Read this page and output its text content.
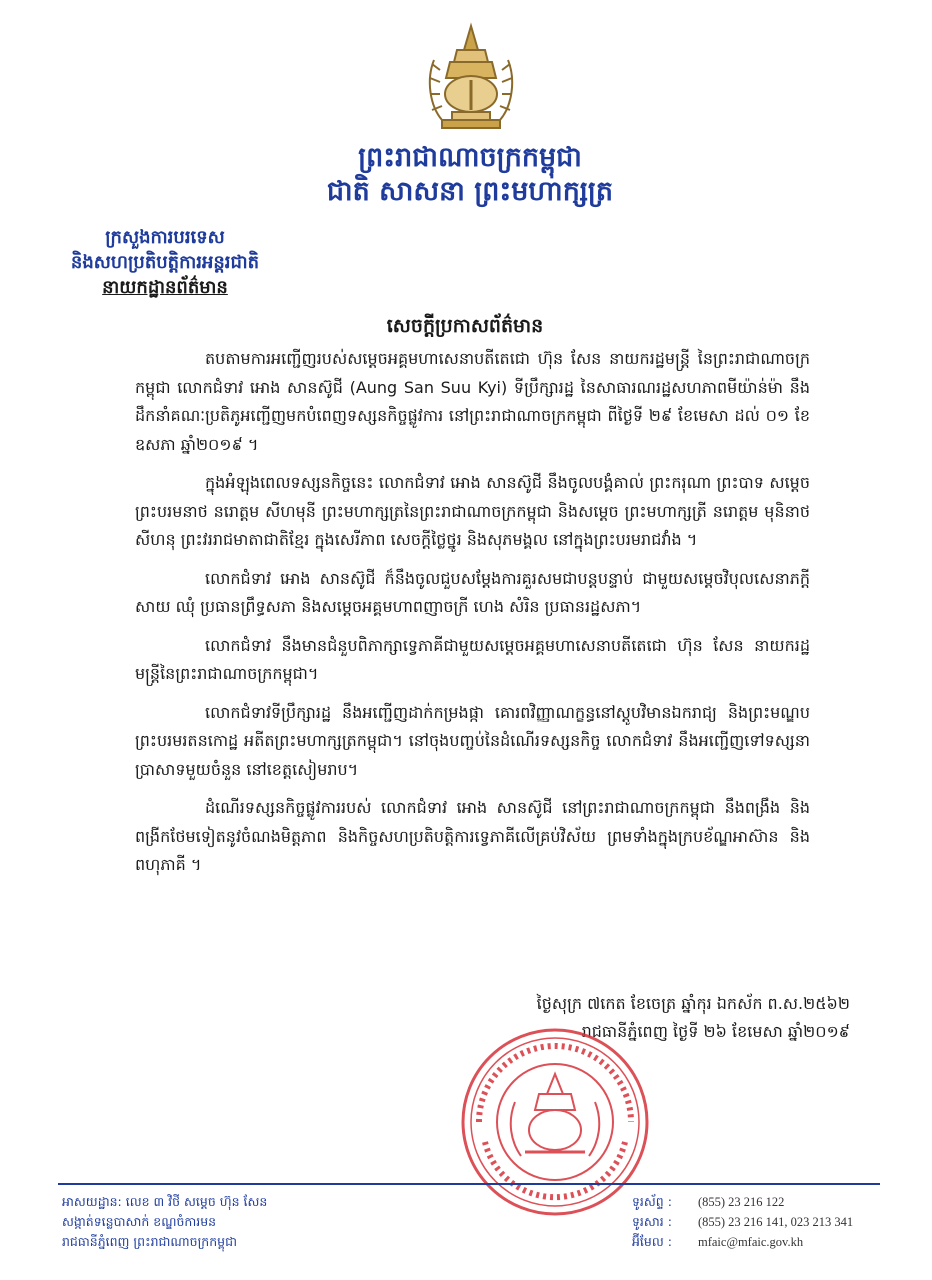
ព្រះរាជាណាចក្រកម្ពុជា
ជាតិ សាសនា ព្រះមហាក្សត្រ
ក្រសួងការបរទេស
និងសហប្រតិបត្តិការអន្តរជាតិ
នាយកដ្ឋានព័ត៌មាន
សេចក្តីប្រកាសព័ត៌មាន

តបតាមការអញ្ជើញរបស់សម្តេចអគ្គមហាសេនាបតីតេជោ ហ៊ុន សែន នាយករដ្ឋមន្ត្រី នៃព្រះរាជាណាចក្រកម្ពុជា លោកជំទាវ អោង សានស៊ូជី (Aung San Suu Kyi) ទីប្រឹក្សារដ្ឋ នៃសាធារណរដ្ឋសហភាពមីយ៉ាន់ម៉ា នឹងដឹកនាំគណៈប្រតិភូអញ្ជើញមកបំពេញទស្សនកិច្ចផ្លូវការ នៅព្រះរាជាណាចក្រកម្ពុជា ពីថ្ងៃទី ២៩ ខែមេសា ដល់ ០១ ខែឧសភា ឆ្នាំ២០១៩ ។

ក្នុងអំឡុងពេលទស្សនកិច្ចនេះ លោកជំទាវ អោង សានស៊ូជី នឹងចូលបង្គំគាល់ ព្រះករុណា ព្រះបាទ សម្តេចព្រះបរមនាថ នរោត្តម សីហមុនី ព្រះមហាក្សត្រនៃព្រះរាជាណាចក្រកម្ពុជា និងសម្តេច ព្រះមហាក្សត្រី នរោត្តម មុនិនាថ សីហនុ ព្រះវររាជមាតាជាតិខ្មែរ ក្នុងសេរីភាព សេចក្តីថ្លៃថ្នូរ និងសុភមង្គល នៅក្នុងព្រះបរមរាជវាំង ។

លោកជំទាវ អោង សានស៊ូជី ក៏នឹងចូលជួបសម្តែងការគួរសមជាបន្តបន្ទាប់ ជាមួយសម្តេចវិបុលសេនាភក្តី សាយ ឈុំ ប្រធានព្រឹទ្ធសភា និងសម្តេចអគ្គមហាពញាចក្រី ហេង សំរិន ប្រធានរដ្ឋសភា។

លោកជំទាវ នឹងមានជំនួបពិភាក្សាទ្វេភាគីជាមួយសម្តេចអគ្គមហាសេនាបតីតេជោ ហ៊ុន សែន នាយករដ្ឋមន្ត្រីនៃព្រះរាជាណាចក្រកម្ពុជា។

លោកជំទាវទីប្រឹក្សារដ្ឋ នឹងអញ្ជើញដាក់កម្រងផ្កា គោរពវិញ្ញាណក្ខន្ធនៅស្តូបវិមានឯករាជ្យ និងព្រះមណ្ឌបព្រះបរមរតនកោដ្ឋ អតីតព្រះមហាក្សត្រកម្ពុជា។ នៅចុងបញ្ចប់នៃដំណើរទស្សនកិច្ច លោកជំទាវ នឹងអញ្ជើញទៅទស្សនាប្រាសាទមួយចំនួន នៅខេត្តសៀមរាប។

ដំណើរទស្សនកិច្ចផ្លូវការរបស់ លោកជំទាវ អោង សានស៊ូជី នៅព្រះរាជាណាចក្រកម្ពុជា នឹងពង្រឹង និងពង្រីកថែមទៀតនូវចំណងមិត្តភាព និងកិច្ចសហប្រតិបត្តិការទ្វេភាគីលើគ្រប់វិស័យ ព្រមទាំងក្នុងក្របខ័ណ្ឌអាស៊ាន និងពហុភាគី ។

ថ្ងៃសុក្រ ៧កេត ខែចេត្រ ឆ្នាំកុរ ឯកស័ក ព.ស.២៥៦២
រាជធានីភ្នំពេញ ថ្ងៃទី ២៦ ខែមេសា ឆ្នាំ២០១៩
អាសយដ្ឋាន: លេខ ៣ វិថី សម្តេច ហ៊ុន សែន
សង្កាត់ទន្លេបាសាក់ ខណ្ឌចំការមន
រាជធានីភ្នំពេញ ព្រះរាជាណាចក្រកម្ពុជា
ទូរស័ព្ទ : (855) 23 216 122
ទូរសារ : (855) 23 216 141, 023 213 341
អ៊ីមែល : mfaic@mfaic.gov.kh
